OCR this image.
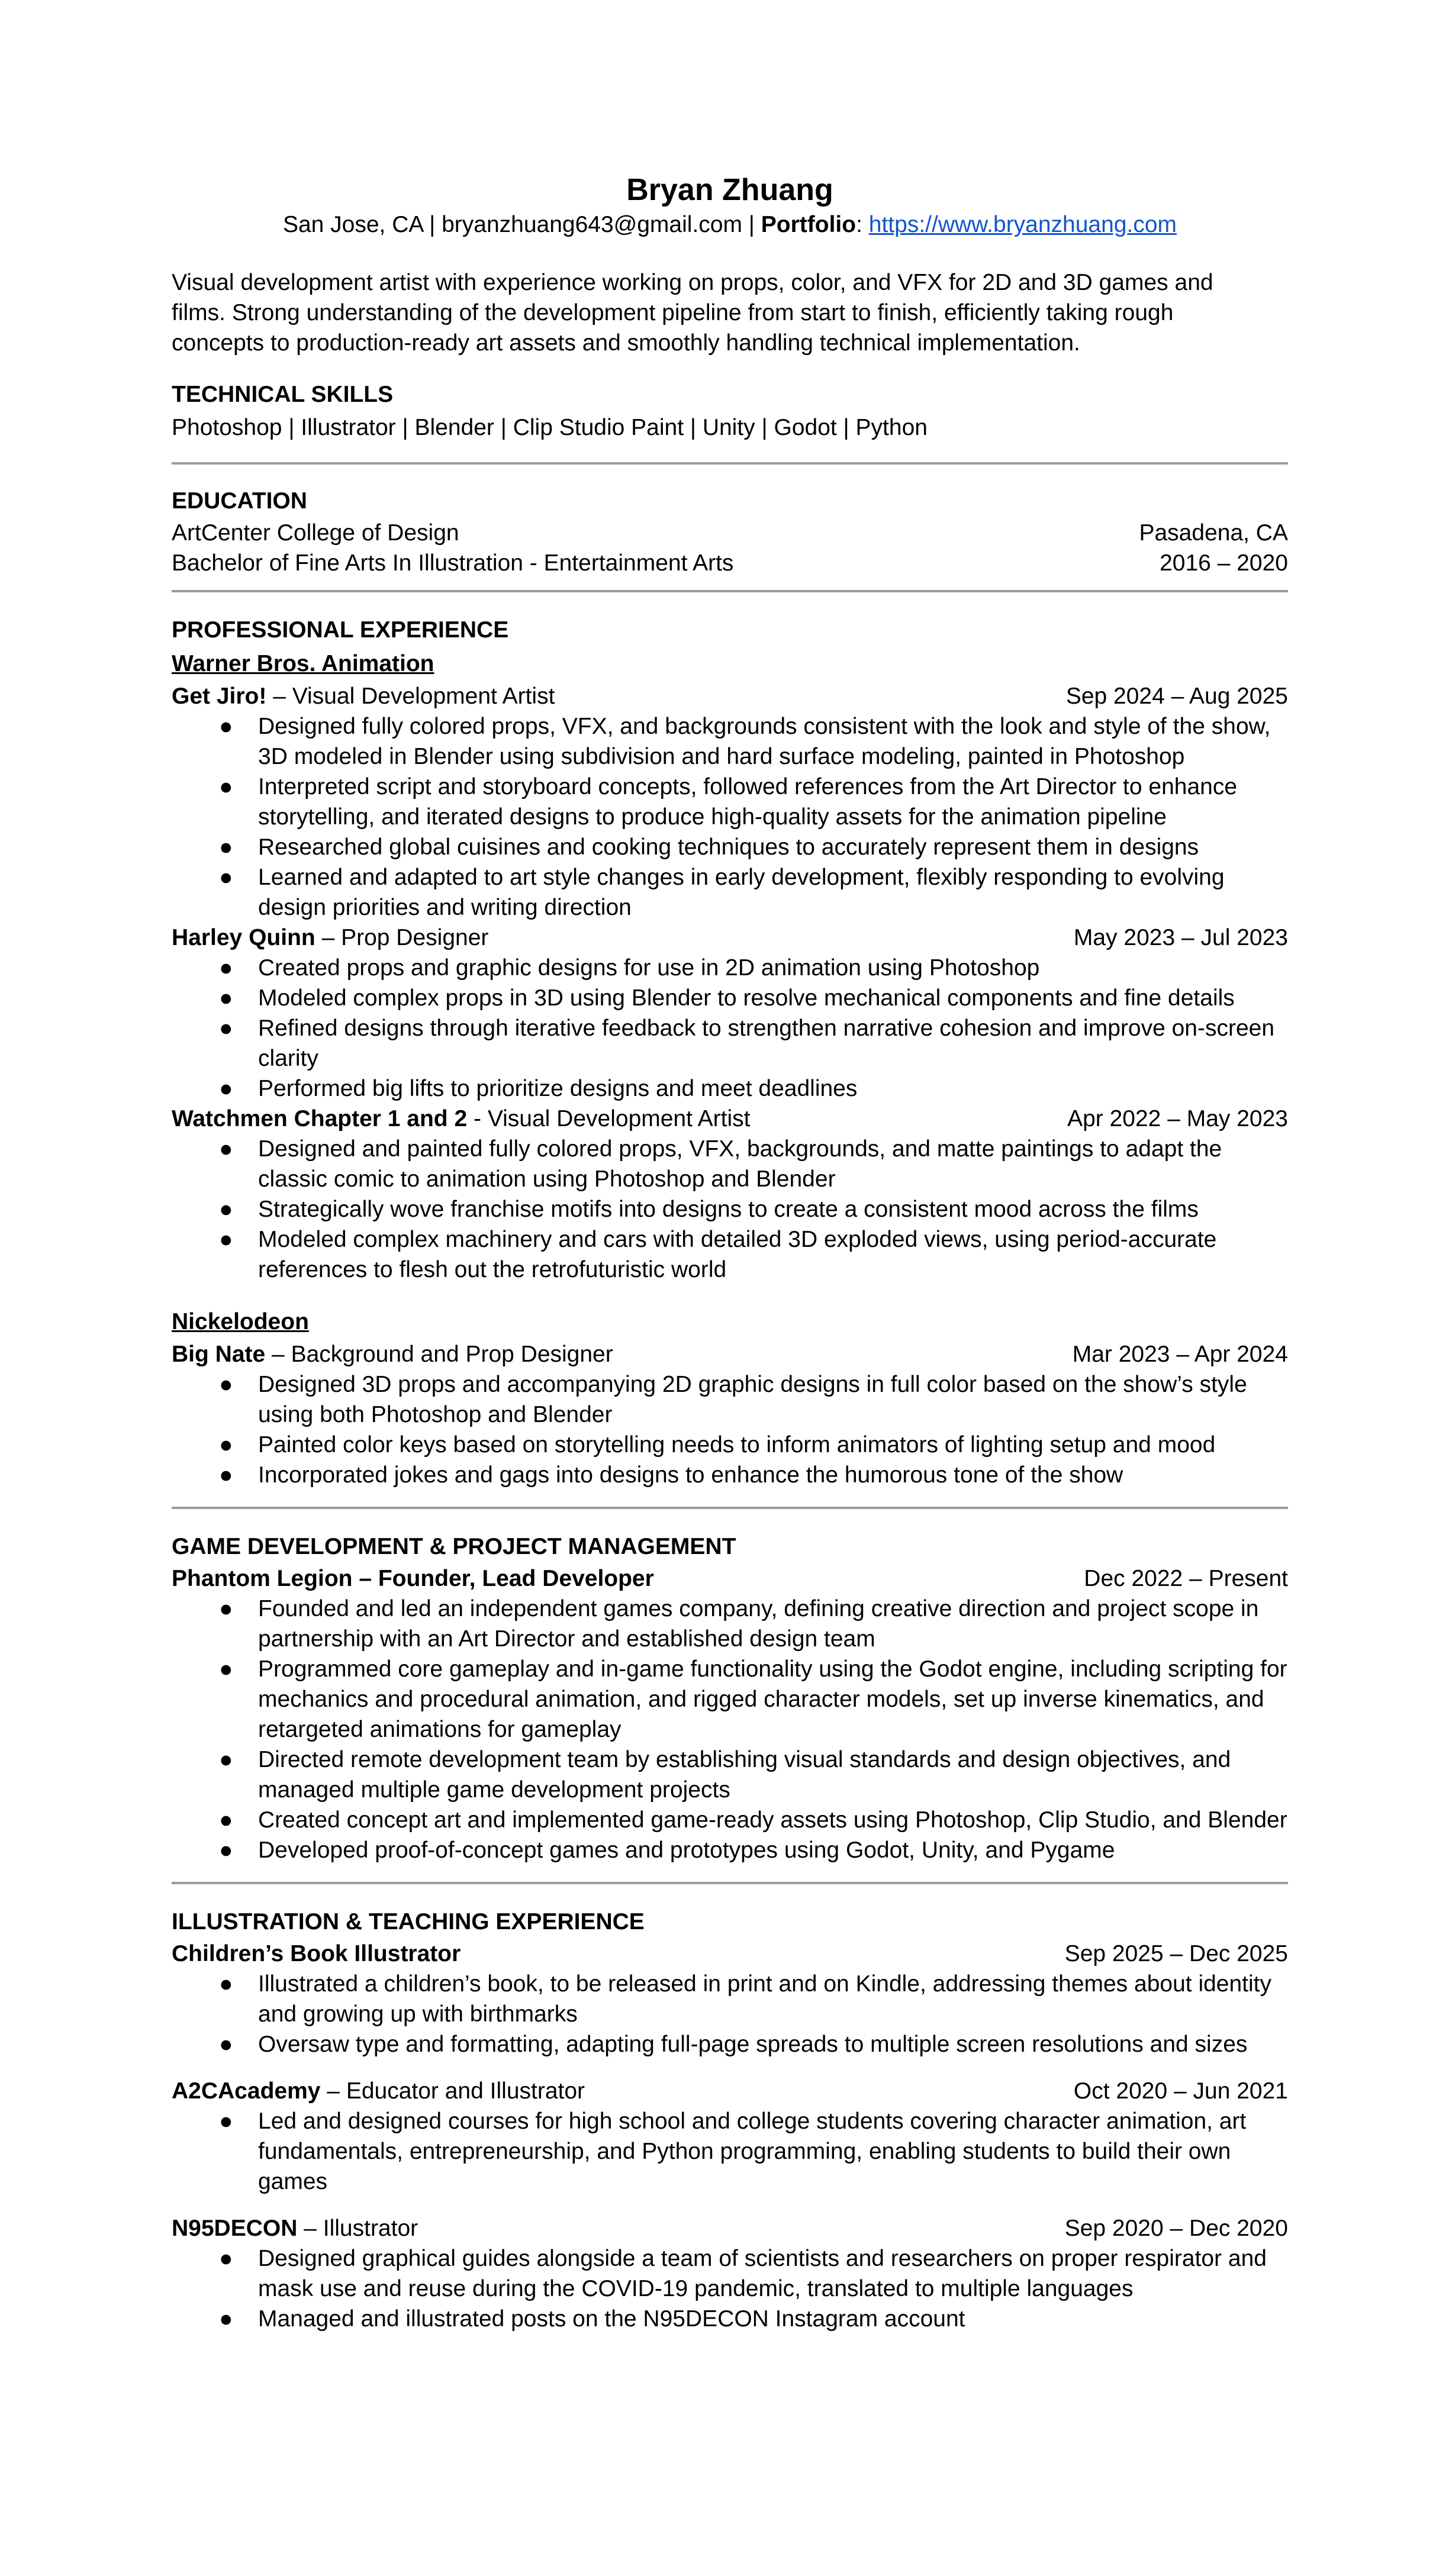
Bryan Zhuang
San Jose, CA | bryanzhuang643@gmail.com | Portfolio: https://www.bryanzhuang.com
Visual development artist with experience working on props, color, and VFX for 2D and 3D games and films. Strong understanding of the development pipeline from start to finish, efficiently taking rough concepts to production-ready art assets and smoothly handling technical implementation.
TECHNICAL SKILLS
Photoshop | Illustrator | Blender | Clip Studio Paint | Unity | Godot | Python
EDUCATION
ArtCenter College of Design	Pasadena, CA
Bachelor of Fine Arts In Illustration - Entertainment Arts	2016 – 2020
PROFESSIONAL EXPERIENCE
Warner Bros. Animation
Get Jiro! – Visual Development Artist	Sep 2024 – Aug 2025
● Designed fully colored props, VFX, and backgrounds consistent with the look and style of the show, 3D modeled in Blender using subdivision and hard surface modeling, painted in Photoshop
● Interpreted script and storyboard concepts, followed references from the Art Director to enhance storytelling, and iterated designs to produce high-quality assets for the animation pipeline
● Researched global cuisines and cooking techniques to accurately represent them in designs
● Learned and adapted to art style changes in early development, flexibly responding to evolving design priorities and writing direction
Harley Quinn – Prop Designer	May 2023 – Jul 2023
● Created props and graphic designs for use in 2D animation using Photoshop
● Modeled complex props in 3D using Blender to resolve mechanical components and fine details
● Refined designs through iterative feedback to strengthen narrative cohesion and improve on-screen clarity
● Performed big lifts to prioritize designs and meet deadlines
Watchmen Chapter 1 and 2 - Visual Development Artist	Apr 2022 – May 2023
● Designed and painted fully colored props, VFX, backgrounds, and matte paintings to adapt the classic comic to animation using Photoshop and Blender
● Strategically wove franchise motifs into designs to create a consistent mood across the films
● Modeled complex machinery and cars with detailed 3D exploded views, using period-accurate references to flesh out the retrofuturistic world
Nickelodeon
Big Nate – Background and Prop Designer	Mar 2023 – Apr 2024
● Designed 3D props and accompanying 2D graphic designs in full color based on the show’s style using both Photoshop and Blender
● Painted color keys based on storytelling needs to inform animators of lighting setup and mood
● Incorporated jokes and gags into designs to enhance the humorous tone of the show
GAME DEVELOPMENT & PROJECT MANAGEMENT
Phantom Legion – Founder, Lead Developer	Dec 2022 – Present
● Founded and led an independent games company, defining creative direction and project scope in partnership with an Art Director and established design team
● Programmed core gameplay and in-game functionality using the Godot engine, including scripting for mechanics and procedural animation, and rigged character models, set up inverse kinematics, and retargeted animations for gameplay
● Directed remote development team by establishing visual standards and design objectives, and managed multiple game development projects
● Created concept art and implemented game-ready assets using Photoshop, Clip Studio, and Blender
● Developed proof-of-concept games and prototypes using Godot, Unity, and Pygame
ILLUSTRATION & TEACHING EXPERIENCE
Children’s Book Illustrator	Sep 2025 – Dec 2025
● Illustrated a children’s book, to be released in print and on Kindle, addressing themes about identity and growing up with birthmarks
● Oversaw type and formatting, adapting full-page spreads to multiple screen resolutions and sizes
A2CAcademy – Educator and Illustrator	Oct 2020 – Jun 2021
● Led and designed courses for high school and college students covering character animation, art fundamentals, entrepreneurship, and Python programming, enabling students to build their own games
N95DECON – Illustrator	Sep 2020 – Dec 2020
● Designed graphical guides alongside a team of scientists and researchers on proper respirator and mask use and reuse during the COVID-19 pandemic, translated to multiple languages
● Managed and illustrated posts on the N95DECON Instagram account
